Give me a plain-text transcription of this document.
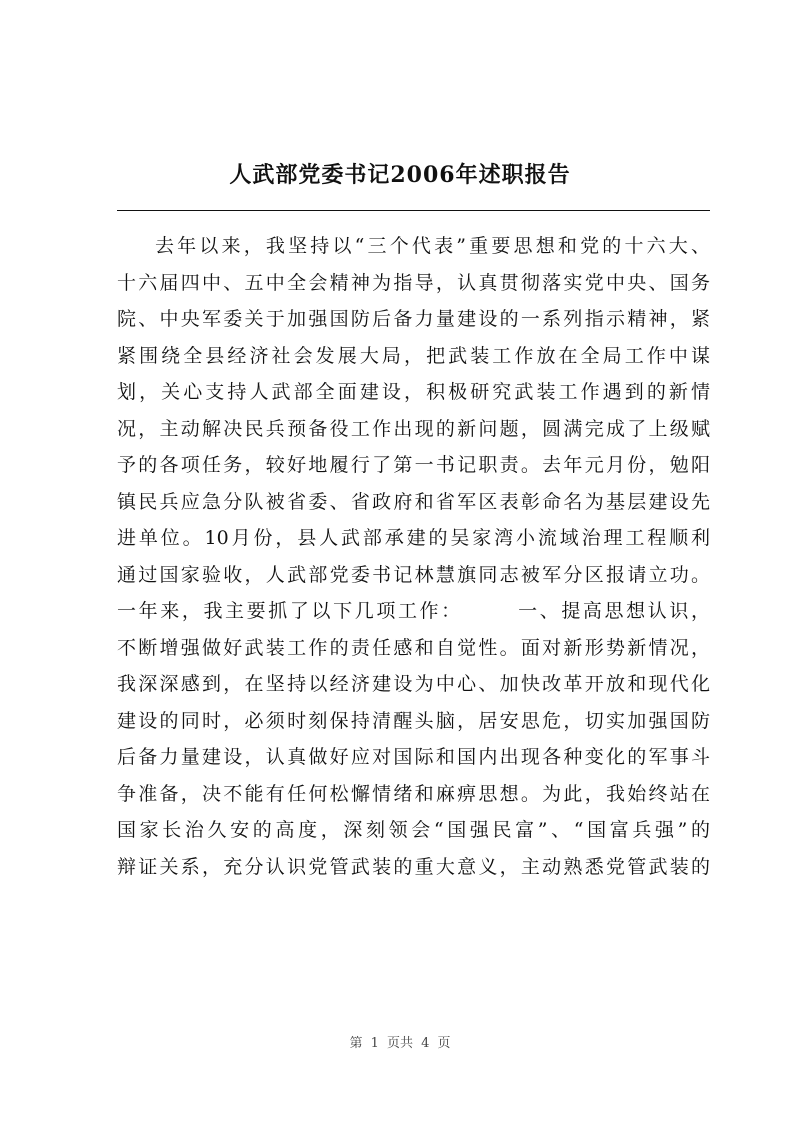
人武部党委书记2006年述职报告
去年以来，我坚持以“三个代表”重要思想和党的十六大、
十六届四中、五中全会精神为指导，认真贯彻落实党中央、国务
院、中央军委关于加强国防后备力量建设的一系列指示精神，紧
紧围绕全县经济社会发展大局，把武装工作放在全局工作中谋
划，关心支持人武部全面建设，积极研究武装工作遇到的新情
况，主动解决民兵预备役工作出现的新问题，圆满完成了上级赋
予的各项任务，较好地履行了第一书记职责。去年元月份，勉阳
镇民兵应急分队被省委、省政府和省军区表彰命名为基层建设先
进单位。10月份，县人武部承建的吴家湾小流域治理工程顺利
通过国家验收，人武部党委书记林慧旗同志被军分区报请立功。
一年来，我主要抓了以下几项工作：　　　一、提高思想认识，
不断增强做好武装工作的责任感和自觉性。面对新形势新情况，
我深深感到，在坚持以经济建设为中心、加快改革开放和现代化
建设的同时，必须时刻保持清醒头脑，居安思危，切实加强国防
后备力量建设，认真做好应对国际和国内出现各种变化的军事斗
争准备，决不能有任何松懈情绪和麻痹思想。为此，我始终站在
国家长治久安的高度，深刻领会“国强民富”、“国富兵强”的
辩证关系，充分认识党管武装的重大意义，主动熟悉党管武装的
第 1 页共 4 页
